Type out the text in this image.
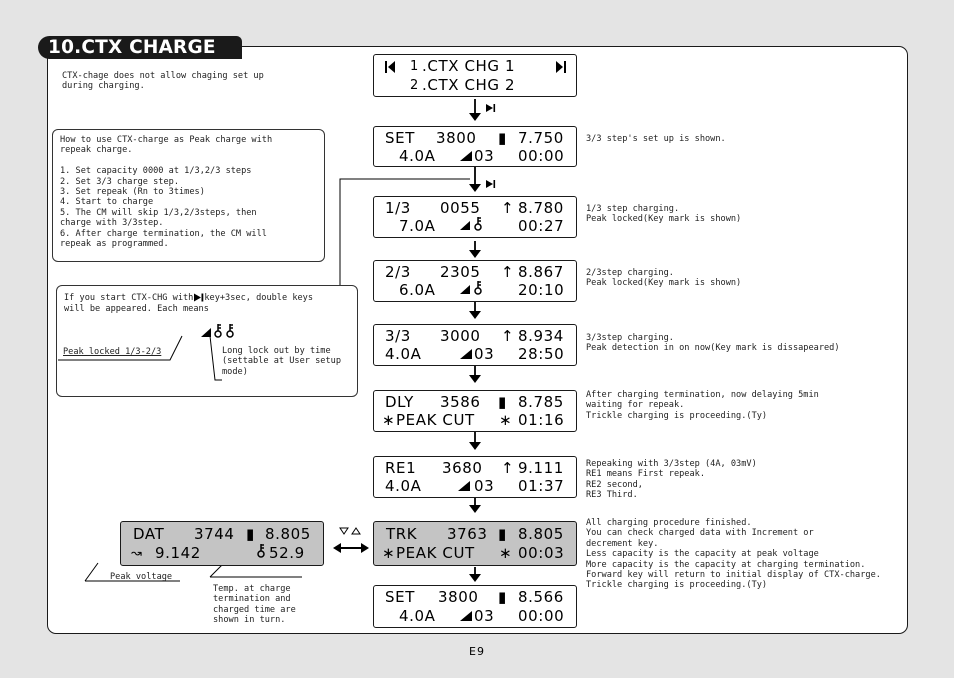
10.CTX CHARGE
CTX-chage does not allow chaging set up
during charging.
How to use CTX-charge as Peak charge with
repeak charge.

1. Set capacity 0000 at 1/3,2/3 steps
2. Set 3/3 charge step.
3. Set repeak (Rn to 3times)
4. Start to charge
5. The CM will skip 1/3,2/3steps, then
charge with 3/3step.
6. After charge termination, the CM will
repeak as programmed.
If you start CTX-CHG with key+3sec, double keys
will be appeared. Each means
Peak locked 1/3-2/3	Long lock out by time
(settable at User setup
mode)

1

.CTX CHG 1

2

.CTX CHG 2

SET 3800 ▮ 7.750
4.0A	03 00:00
3/3 step's set up is shown.
1/3 0055 ↑ 8.780
7.0A	00:27
1/3 step charging.
Peak locked(Key mark is shown)
2/3 2305 ↑ 8.867
6.0A	20:10
2/3step charging.
Peak locked(Key mark is shown)
3/3 3000 ↑ 8.934
4.0A	03 28:50
3/3step charging.
Peak detection in on now(Key mark is dissapeared)
DLY 3586 ▮ 8.785
∗ PEAK CUT ∗ 01:16
After charging termination, now delaying 5min
waiting for repeak.
Trickle charging is proceeding.(Ty)
RE1 3680 ↑ 9.111
4.0A	03 01:37
Repeaking with 3/3step (4A, 03mV)
RE1 means First repeak.
RE2 second,
RE3 Third.
TRK 3763 ▮ 8.805
∗ PEAK CUT ∗ 00:03
All charging procedure finished.
You can check charged data with Increment or
decrement key.
Less capacity is the capacity at peak voltage
More capacity is the capacity at charging termination.
Forward key will return to initial display of CTX-charge.
Trickle charging is proceeding.(Ty)
SET 3800 ▮ 8.566
4.0A	03 00:00
DAT 3744 ▮ 8.805
↝ 9.142	52.9
Peak voltage
Temp. at charge
termination and
charged time are
shown in turn.
E9
